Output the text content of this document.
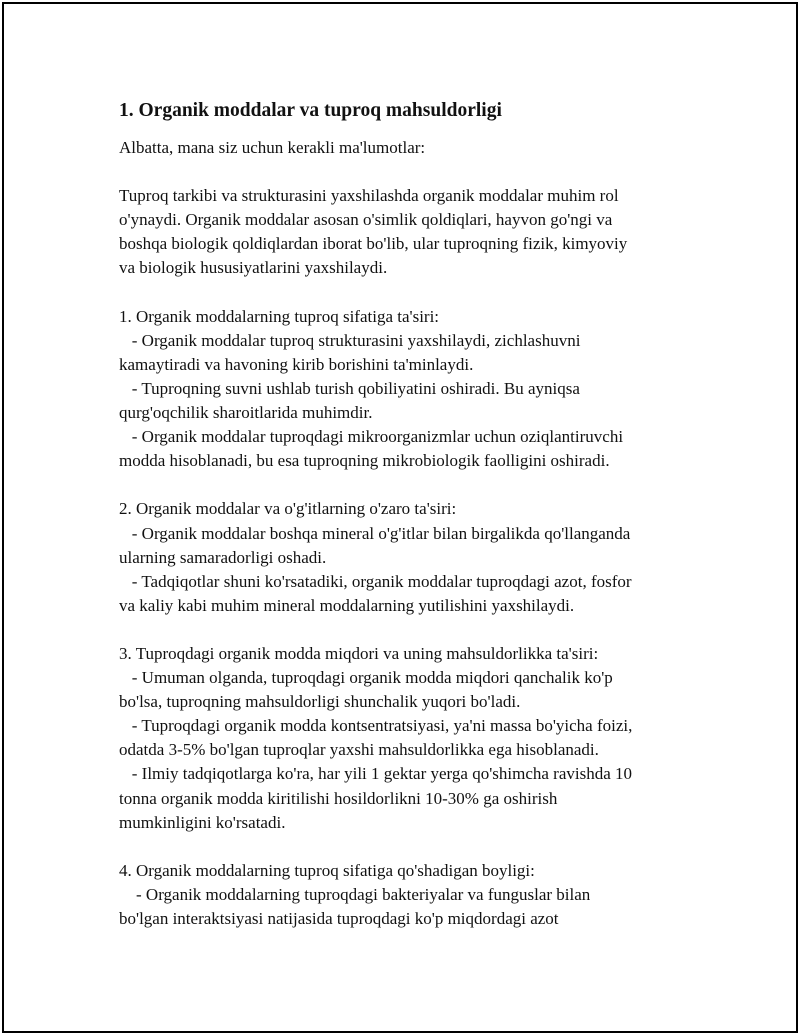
1. Organik moddalar va tuproq mahsuldorligi

Albatta, mana siz uchun kerakli ma'lumotlar:

Tuproq tarkibi va strukturasini yaxshilashda organik moddalar muhim rol

o'ynaydi. Organik moddalar asosan o'simlik qoldiqlari, hayvon go'ngi va

boshqa biologik qoldiqlardan iborat bo'lib, ular tuproqning fizik, kimyoviy

va biologik hususiyatlarini yaxshilaydi.

1. Organik moddalarning tuproq sifatiga ta'siri:

- Organik moddalar tuproq strukturasini yaxshilaydi, zichlashuvni

kamaytiradi va havoning kirib borishini ta'minlaydi.

- Tuproqning suvni ushlab turish qobiliyatini oshiradi. Bu ayniqsa

qurg'oqchilik sharoitlarida muhimdir.

- Organik moddalar tuproqdagi mikroorganizmlar uchun oziqlantiruvchi

modda hisoblanadi, bu esa tuproqning mikrobiologik faolligini oshiradi.

2. Organik moddalar va o'g'itlarning o'zaro ta'siri:

- Organik moddalar boshqa mineral o'g'itlar bilan birgalikda qo'llanganda

ularning samaradorligi oshadi.

- Tadqiqotlar shuni ko'rsatadiki, organik moddalar tuproqdagi azot, fosfor

va kaliy kabi muhim mineral moddalarning yutilishini yaxshilaydi.

3. Tuproqdagi organik modda miqdori va uning mahsuldorlikka ta'siri:

- Umuman olganda, tuproqdagi organik modda miqdori qanchalik ko'p

bo'lsa, tuproqning mahsuldorligi shunchalik yuqori bo'ladi.

- Tuproqdagi organik modda kontsentratsiyasi, ya'ni massa bo'yicha foizi,

odatda 3-5% bo'lgan tuproqlar yaxshi mahsuldorlikka ega hisoblanadi.

- Ilmiy tadqiqotlarga ko'ra, har yili 1 gektar yerga qo'shimcha ravishda 10

tonna organik modda kiritilishi hosildorlikni 10-30% ga oshirish

mumkinligini ko'rsatadi.

4. Organik moddalarning tuproq sifatiga qo'shadigan boyligi:

- Organik moddalarning tuproqdagi bakteriyalar va funguslar bilan

bo'lgan interaktsiyasi natijasida tuproqdagi ko'p miqdordagi azot
